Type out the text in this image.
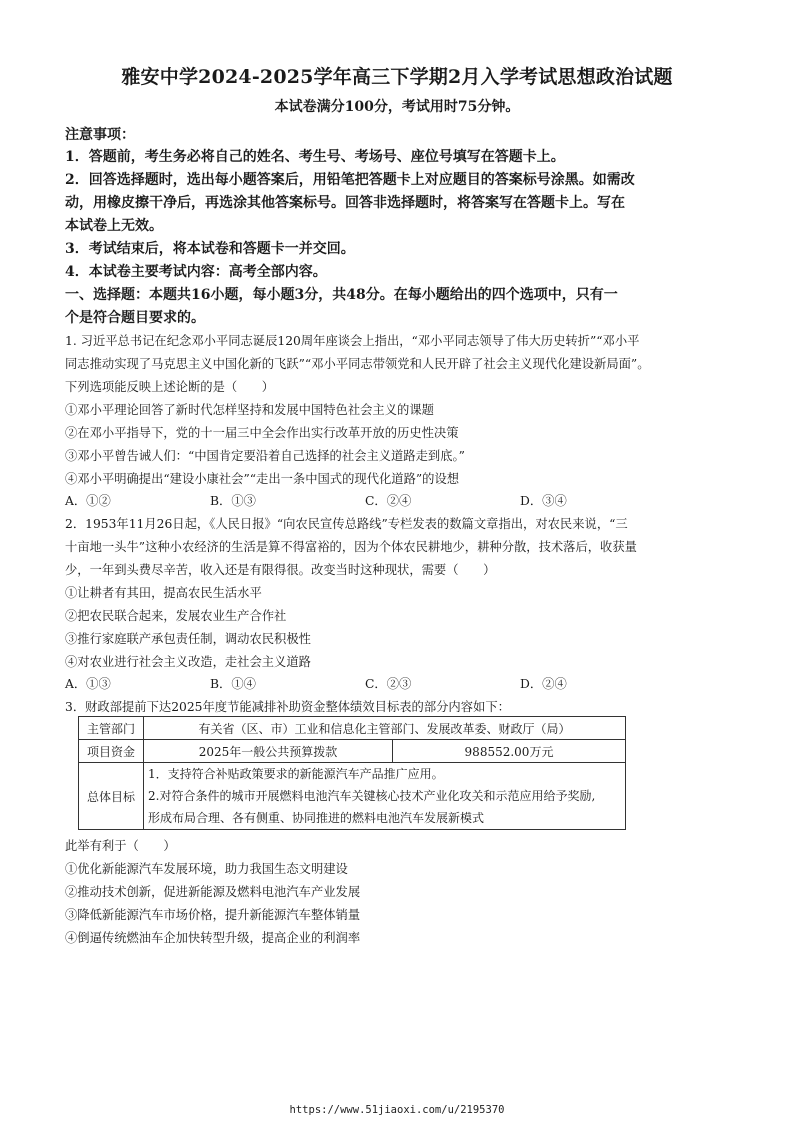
雅安中学2024-2025学年高三下学期2月入学考试思想政治试题
本试卷满分100分，考试用时75分钟。
注意事项：
1．答题前，考生务必将自己的姓名、考生号、考场号、座位号填写在答题卡上。
2．回答选择题时，选出每小题答案后，用铅笔把答题卡上对应题目的答案标号涂黑。如需改
动，用橡皮擦干净后，再选涂其他答案标号。回答非选择题时，将答案写在答题卡上。写在
本试卷上无效。
3．考试结束后，将本试卷和答题卡一并交回。
4．本试卷主要考试内容：高考全部内容。
一、选择题：本题共16小题，每小题3分，共48分。在每小题给出的四个选项中，只有一
个是符合题目要求的。
1. 习近平总书记在纪念邓小平同志诞辰120周年座谈会上指出，“邓小平同志领导了伟大历史转折”“邓小平
同志推动实现了马克思主义中国化新的飞跃”“邓小平同志带领党和人民开辟了社会主义现代化建设新局面”。
下列选项能反映上述论断的是（　　）
①邓小平理论回答了新时代怎样坚持和发展中国特色社会主义的课题
②在邓小平指导下，党的十一届三中全会作出实行改革开放的历史性决策
③邓小平曾告诫人们：“中国肯定要沿着自己选择的社会主义道路走到底。”
④邓小平明确提出“建设小康社会”“走出一条中国式的现代化道路”的设想
A．①②	B．①③	C．②④	D．③④
2．1953年11月26日起，《人民日报》“向农民宣传总路线”专栏发表的数篇文章指出，对农民来说，“三
十亩地一头牛”这种小农经济的生活是算不得富裕的，因为个体农民耕地少，耕种分散，技术落后，收获量
少，一年到头费尽辛苦，收入还是有限得很。改变当时这种现状，需要（　　）
①让耕者有其田，提高农民生活水平
②把农民联合起来，发展农业生产合作社
③推行家庭联产承包责任制，调动农民积极性
④对农业进行社会主义改造，走社会主义道路
A．①③	B．①④	C．②③	D．②④
3．财政部提前下达2025年度节能减排补助资金整体绩效目标表的部分内容如下：
主管部门	有关省（区、市）工业和信息化主管部门、发展改革委、财政厅（局）	
项目资金	2025年一般公共预算拨款	988552.00万元
总体目标	1．支持符合补贴政策要求的新能源汽车产品推广应用。
2.对符合条件的城市开展燃料电池汽车关键核心技术产业化攻关和示范应用给予奖励,
形成布局合理、各有侧重、协同推进的燃料电池汽车发展新模式	
此举有利于（　　）
①优化新能源汽车发展环境，助力我国生态文明建设
②推动技术创新，促进新能源及燃料电池汽车产业发展
③降低新能源汽车市场价格，提升新能源汽车整体销量
④倒逼传统燃油车企加快转型升级，提高企业的利润率
https://www.51jiaoxi.com/u/2195370
